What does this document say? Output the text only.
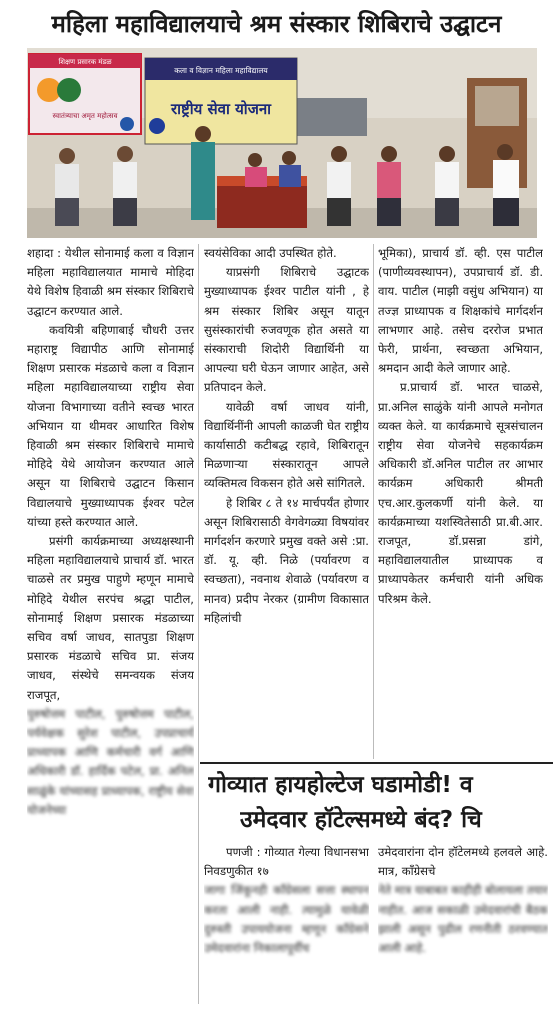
महिला महाविद्यालयाचे श्रम संस्कार शिबिराचे उद्घाटन
शिक्षण प्रसारक मंडळ
स्वातंत्र्याचा अमृत महोत्सव
कला व विज्ञान महिला महाविद्यालय
राष्ट्रीय सेवा योजना

शहादा : येथील सोनामाई कला व विज्ञान महिला महाविद्यालयात मामाचे मोहिदा येथे विशेष हिवाळी श्रम संस्कार शिबिराचे उद्घाटन करण्यात आले.

कवयित्री बहिणाबाई चौधरी उत्तर महाराष्ट्र विद्यापीठ आणि सोनामाई शिक्षण प्रसारक मंडळाचे कला व विज्ञान महिला महाविद्यालयाच्या राष्ट्रीय सेवा योजना विभागाच्या वतीने स्वच्छ भारत अभियान या थीमवर आधारित विशेष हिवाळी श्रम संस्कार शिबिराचे मामाचे मोहिदे येथे आयोजन करण्यात आले असून या शिबिराचे उद्घाटन किसान विद्यालयाचे मुख्याध्यापक ईश्वर पटेल यांच्या हस्ते करण्यात आले.

प्रसंगी कार्यक्रमाच्या अध्यक्षस्थानी महिला महाविद्यालयाचे प्राचार्य डॉ. भारत चाळसे तर प्रमुख पाहुणे म्हणून मामाचे मोहिदे येथील सरपंच श्रद्धा पाटील, सोनामाई शिक्षण प्रसारक मंडळाच्या सचिव वर्षा जाधव, सातपुडा शिक्षण प्रसारक मंडळाचे सचिव प्रा. संजय जाधव, संस्थेचे समन्वयक संजय राजपूत,

पुरुषोत्तम पाटील, पुरुषोत्तम पाटील, पर्यवेक्षक सुरेश पाटील, उपप्राचार्य प्राध्यापक आणि कर्मचारी वर्ग आणि अधिकारी डॉ. हार्दिक पटेल, प्रा. अनिल साळुंके यांच्यासह प्राध्यापक, राष्ट्रीय सेवा योजनेच्या

स्वयंसेविका आदी उपस्थित होते.

याप्रसंगी शिबिराचे उद्घाटक मुख्याध्यापक ईश्वर पाटील यांनी , हे श्रम संस्कार शिबिर असून यातून सुसंस्कारांची रुजवणूक होत असते या संस्काराची शिदोरी विद्यार्थिनी या आपल्या घरी घेऊन जाणार आहेत, असे प्रतिपादन केले.

यावेळी वर्षा जाधव यांनी, विद्यार्थिनींनी आपली काळजी घेत राष्ट्रीय कार्यासाठी कटीबद्ध रहावे, शिबिरातून मिळणाऱ्या संस्कारातून आपले व्यक्तिमत्व विकसन होते असे सांगितले.

हे शिबिर ८ ते १४ मार्चपर्यंत होणार असून शिबिरासाठी वेगवेगळ्या विषयांवर मार्गदर्शन करणारे प्रमुख वक्ते असे :प्रा. डॉ. यू. व्ही. निळे (पर्यावरण व स्वच्छता), नवनाथ शेवाळे (पर्यावरण व मानव) प्रदीप नेरकर (ग्रामीण विकासात महिलांची

भूमिका), प्राचार्य डॉ. व्ही. एस पाटील (पाणीव्यवस्थापन), उपप्राचार्य डॉ. डी. वाय. पाटील (माझी वसुंध अभियान) या तज्ज्ञ प्राध्यापक व शिक्षकांचे मार्गदर्शन लाभणार आहे. तसेच दररोज प्रभात फेरी, प्रार्थना, स्वच्छता अभियान, श्रमदान आदी केले जाणार आहे.

प्र.प्राचार्य डॉ. भारत चाळसे, प्रा.अनिल साळुंके यांनी आपले मनोगत व्यक्त केले. या कार्यक्रमाचे सूत्रसंचालन राष्ट्रीय सेवा योजनेचे सहकार्यक्रम अधिकारी डॉ.अनिल पाटील तर आभार कार्यक्रम अधिकारी श्रीमती एच.आर.कुलकर्णी यांनी केले. या कार्यक्रमाच्या यशस्वितेसाठी प्रा.बी.आर. राजपूत, डॉ.प्रसन्ना डांगे, महाविद्यालयातील प्राध्यापक व प्राध्यापकेतर कर्मचारी यांनी अधिक परिश्रम केले.

गोव्यात हायहोल्टेज घडामोडी! व
उमेदवार हॉटेल्समध्ये बंद? चि

पणजी : गोव्यात गेल्या विधानसभा निवडणुकीत १७

जागा जिंकूनही काँग्रेसला सत्ता स्थापन करता आली नाही. त्यामुळे यावेळी दुरुस्ती उपाययोजना म्हणून काँग्रेसने उमेदवारांना निकालापूर्वीच

उमेदवारांना दोन हॉटेलमध्ये हलवले आहे. मात्र, काँग्रेसचे

नेते मात्र याबाबत काहीही बोलायला तयार नाहीत. आज सकाळी उमेदवारांची बैठक झाली असून पुढील रणनीती ठरवण्यात आली आहे.
